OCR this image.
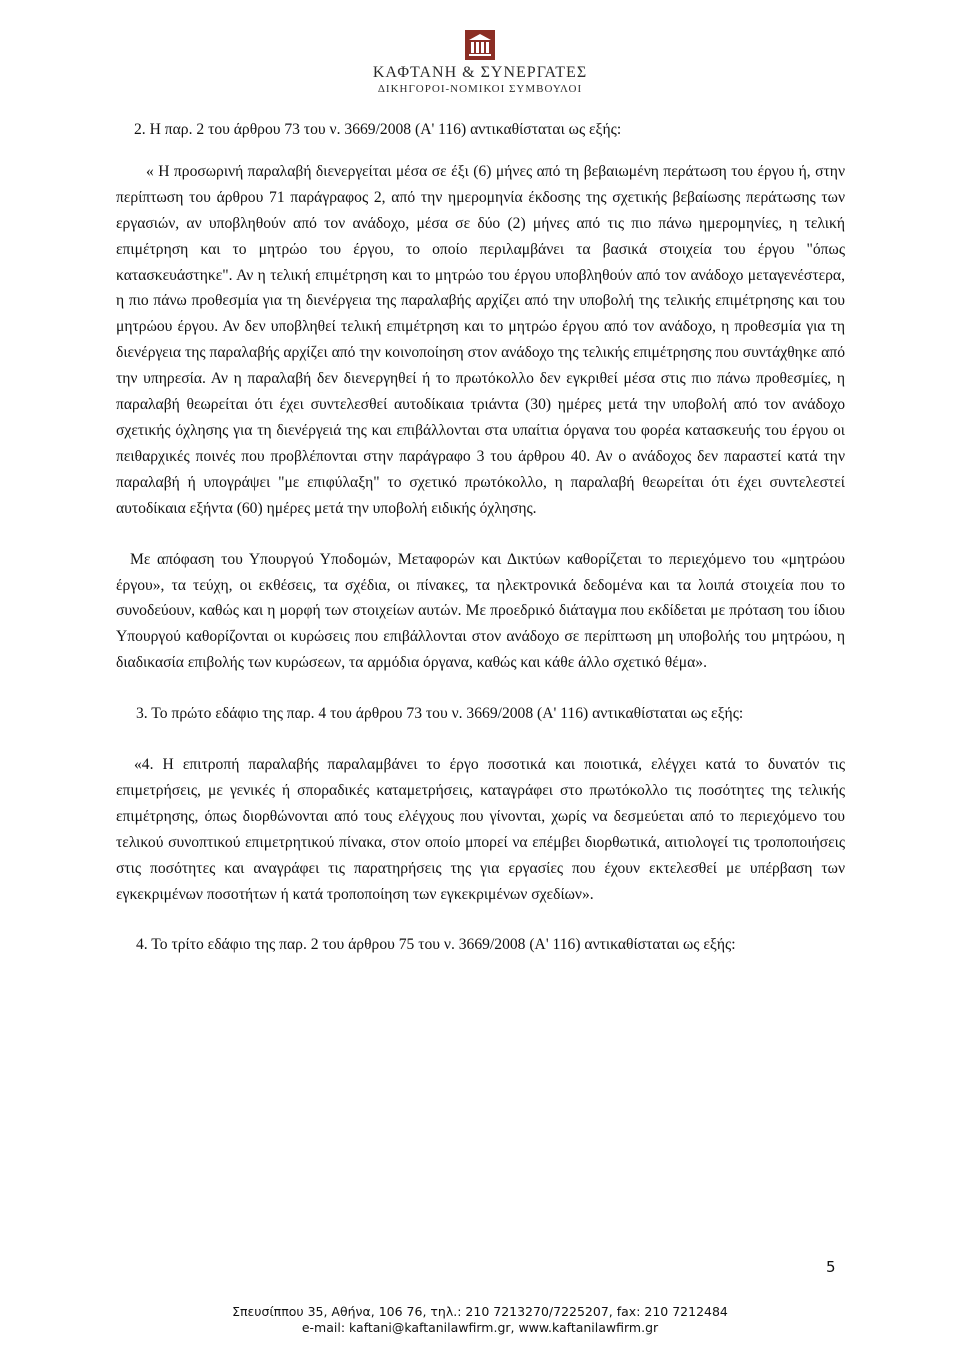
ΚΑΦΤΑΝΗ & ΣΥΝΕΡΓΑΤΕΣ
ΔΙΚΗΓΟΡΟΙ-ΝΟΜΙΚΟΙ ΣΥΜΒΟΥΛΟΙ

2. Η παρ. 2 του άρθρου 73 του ν. 3669/2008 (Α' 116) αντικαθίσταται ως εξής:

« Η προσωρινή παραλαβή διενεργείται μέσα σε έξι (6) μήνες από τη βεβαιωμένη περάτωση του έργου ή, στην περίπτωση του άρθρου 71 παράγραφος 2, από την ημερομηνία έκδοσης της σχετικής βεβαίωσης περάτωσης των εργασιών, αν υποβληθούν από τον ανάδοχο, μέσα σε δύο (2) μήνες από τις πιο πάνω ημερομηνίες, η τελική επιμέτρηση και το μητρώο του έργου, το οποίο περιλαμβάνει τα βασικά στοιχεία του έργου "όπως κατασκευάστηκε". Αν η τελική επιμέτρηση και το μητρώο του έργου υποβληθούν από τον ανάδοχο μεταγενέστερα, η πιο πάνω προθεσμία για τη διενέργεια της παραλαβής αρχίζει από την υποβολή της τελικής επιμέτρησης και του μητρώου έργου. Αν δεν υποβληθεί τελική επιμέτρηση και το μητρώο έργου από τον ανάδοχο, η προθεσμία για τη διενέργεια της παραλαβής αρχίζει από την κοινοποίηση στον ανάδοχο της τελικής επιμέτρησης που συντάχθηκε από την υπηρεσία. Αν η παραλαβή δεν διενεργηθεί ή το πρωτόκολλο δεν εγκριθεί μέσα στις πιο πάνω προθεσμίες, η παραλαβή θεωρείται ότι έχει συντελεσθεί αυτοδίκαια τριάντα (30) ημέρες μετά την υποβολή από τον ανάδοχο σχετικής όχλησης για τη διενέργειά της και επιβάλλονται στα υπαίτια όργανα του φορέα κατασκευής του έργου οι πειθαρχικές ποινές που προβλέπονται στην παράγραφο 3 του άρθρου 40. Αν ο ανάδοχος δεν παραστεί κατά την παραλαβή ή υπογράψει "με επιφύλαξη" το σχετικό πρωτόκολλο, η παραλαβή θεωρείται ότι έχει συντελεστεί αυτοδίκαια εξήντα (60) ημέρες μετά την υποβολή ειδικής όχλησης.

Με απόφαση του Υπουργού Υποδομών, Μεταφορών και Δικτύων καθορίζεται το περιεχόμενο του «μητρώου έργου», τα τεύχη, οι εκθέσεις, τα σχέδια, οι πίνακες, τα ηλεκτρονικά δεδομένα και τα λοιπά στοιχεία που το συνοδεύουν, καθώς και η μορφή των στοιχείων αυτών. Με προεδρικό διάταγμα που εκδίδεται με πρόταση του ίδιου Υπουργού καθορίζονται οι κυρώσεις που επιβάλλονται στον ανάδοχο σε περίπτωση μη υποβολής του μητρώου, η διαδικασία επιβολής των κυρώσεων, τα αρμόδια όργανα, καθώς και κάθε άλλο σχετικό θέμα».

3. Το πρώτο εδάφιο της παρ. 4 του άρθρου 73 του ν. 3669/2008 (Α' 116) αντικαθίσταται ως εξής:

«4. Η επιτροπή παραλαβής παραλαμβάνει το έργο ποσοτικά και ποιοτικά, ελέγχει κατά το δυνατόν τις επιμετρήσεις, με γενικές ή σποραδικές καταμετρήσεις, καταγράφει στο πρωτόκολλο τις ποσότητες της τελικής επιμέτρησης, όπως διορθώνονται από τους ελέγχους που γίνονται, χωρίς να δεσμεύεται από το περιεχόμενο του τελικού συνοπτικού επιμετρητικού πίνακα, στον οποίο μπορεί να επέμβει διορθωτικά, αιτιολογεί τις τροποποιήσεις στις ποσότητες και αναγράφει τις παρατηρήσεις της για εργασίες που έχουν εκτελεσθεί με υπέρβαση των εγκεκριμένων ποσοτήτων ή κατά τροποποίηση των εγκεκριμένων σχεδίων».

4. Το τρίτο εδάφιο της παρ. 2 του άρθρου 75 του ν. 3669/2008 (Α' 116) αντικαθίσταται ως εξής:

5
Σπευσίππου 35, Αθήνα, 106 76, τηλ.: 210 7213270/7225207, fax: 210 7212484
e-mail: kaftani@kaftanilawfirm.gr, www.kaftanilawfirm.gr
